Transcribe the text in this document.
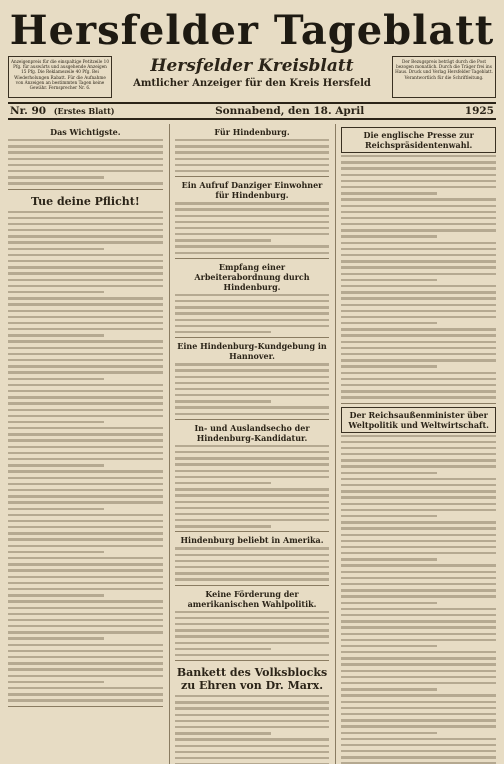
Hersfelder Tageblatt
Anzeigenpreis für die einspaltige Petitzeile 10 Pfg. für auswärts und ausgehende Anzeigen 15 Pfg. Die Reklamezeile 40 Pfg. Bei Wiederholungen Rabatt. Für die Aufnahme von Anzeigen an bestimmten Tagen keine Gewähr. Fernsprecher Nr. 6.
Hersfelder Kreisblatt
Amtlicher Anzeiger für den Kreis Hersfeld
Der Bezugspreis beträgt durch die Post bezogen monatlich. Durch die Träger frei ins Haus. Druck und Verlag Hersfelder Tageblatt. Verantwortlich für die Schriftleitung.
Nr. 90 (Erstes Blatt)	Sonnabend, den 18. April	1925
Das Wichtigste.
Tue deine Pflicht!
Für Hindenburg.
Ein Aufruf Danziger Einwohner für Hindenburg.
Empfang einer Arbeiterabordnung durch Hindenburg.
Eine Hindenburg-Kundgebung in Hannover.
In- und Auslandsecho der Hindenburg-Kandidatur.
Hindenburg beliebt in Amerika.
Keine Förderung der amerikanischen Wahlpolitik.
Bankett des Volksblocks zu Ehren von Dr. Marx.
Die englische Presse zur Reichspräsidentenwahl.
Der Reichsaußenminister über Weltpolitik und Weltwirtschaft.
